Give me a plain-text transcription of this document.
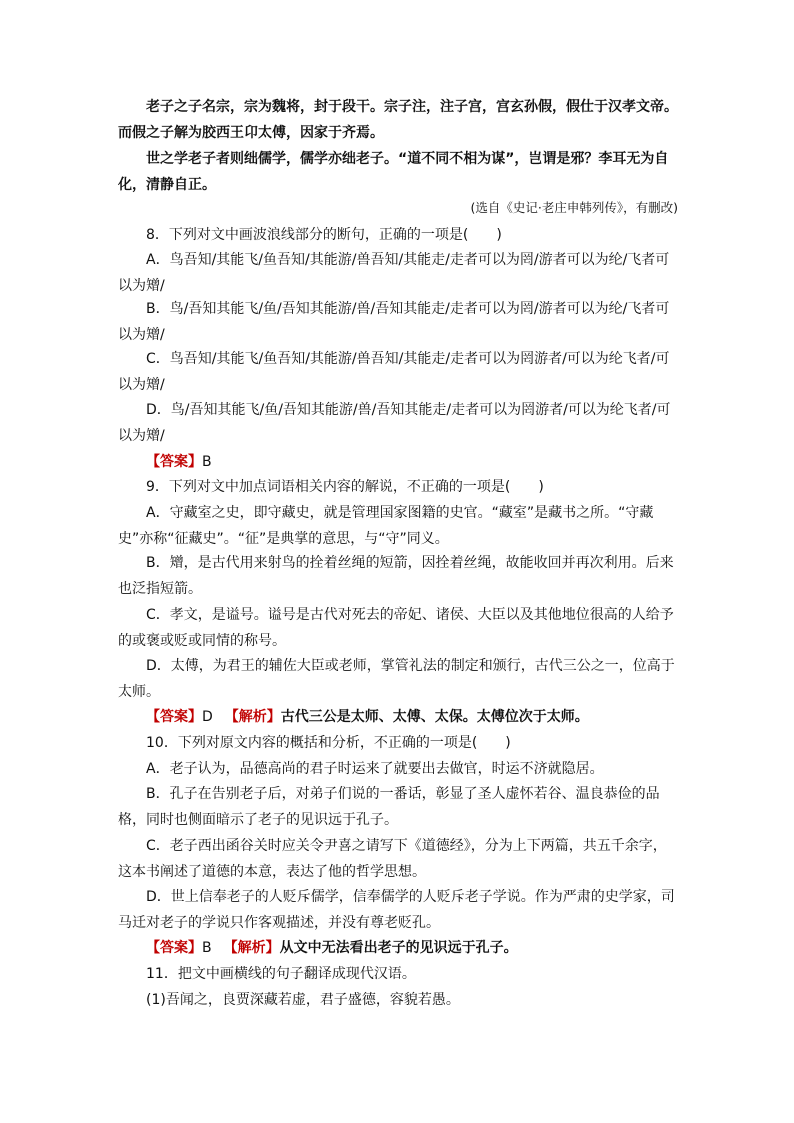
老子之子名宗，宗为魏将，封于段干。宗子注，注子宫，宫玄孙假，假仕于汉孝文帝。而假之子解为胶西王卬太傅，因家于齐焉。

世之学老子者则绌儒学，儒学亦绌老子。“道不同不相为谋”，岂谓是邪？李耳无为自化，清静自正。

(选自《史记·老庄申韩列传》，有删改)

8．下列对文中画波浪线部分的断句，正确的一项是(　　)

A．鸟吾知/其能飞/鱼吾知/其能游/兽吾知/其能走/走者可以为罔/游者可以为纶/飞者可以为矰/

B．鸟/吾知其能飞/鱼/吾知其能游/兽/吾知其能走/走者可以为罔/游者可以为纶/飞者可以为矰/

C．鸟吾知/其能飞/鱼吾知/其能游/兽吾知/其能走/走者可以为罔游者/可以为纶飞者/可以为矰/

D．鸟/吾知其能飞/鱼/吾知其能游/兽/吾知其能走/走者可以为罔游者/可以为纶飞者/可以为矰/

【答案】B

9．下列对文中加点词语相关内容的解说，不正确的一项是(　　)

A．守藏室之史，即守藏史，就是管理国家图籍的史官。“藏室”是藏书之所。“守藏史”亦称“征藏史”。“征”是典掌的意思，与“守”同义。

B．矰，是古代用来射鸟的拴着丝绳的短箭，因拴着丝绳，故能收回并再次利用。后来也泛指短箭。

C．孝文，是谥号。谥号是古代对死去的帝妃、诸侯、大臣以及其他地位很高的人给予的或褒或贬或同情的称号。

D．太傅，为君王的辅佐大臣或老师，掌管礼法的制定和颁行，古代三公之一，位高于太师。

【答案】D 【解析】古代三公是太师、太傅、太保。太傅位次于太师。

10．下列对原文内容的概括和分析，不正确的一项是(　　)

A．老子认为，品德高尚的君子时运来了就要出去做官，时运不济就隐居。

B．孔子在告别老子后，对弟子们说的一番话，彰显了圣人虚怀若谷、温良恭俭的品格，同时也侧面暗示了老子的见识远于孔子。

C．老子西出函谷关时应关令尹喜之请写下《道德经》，分为上下两篇，共五千余字，这本书阐述了道德的本意，表达了他的哲学思想。

D．世上信奉老子的人贬斥儒学，信奉儒学的人贬斥老子学说。作为严肃的史学家，司马迁对老子的学说只作客观描述，并没有尊老贬孔。

【答案】B 【解析】从文中无法看出老子的见识远于孔子。

11．把文中画横线的句子翻译成现代汉语。

(1)吾闻之，良贾深藏若虚，君子盛德，容貌若愚。
